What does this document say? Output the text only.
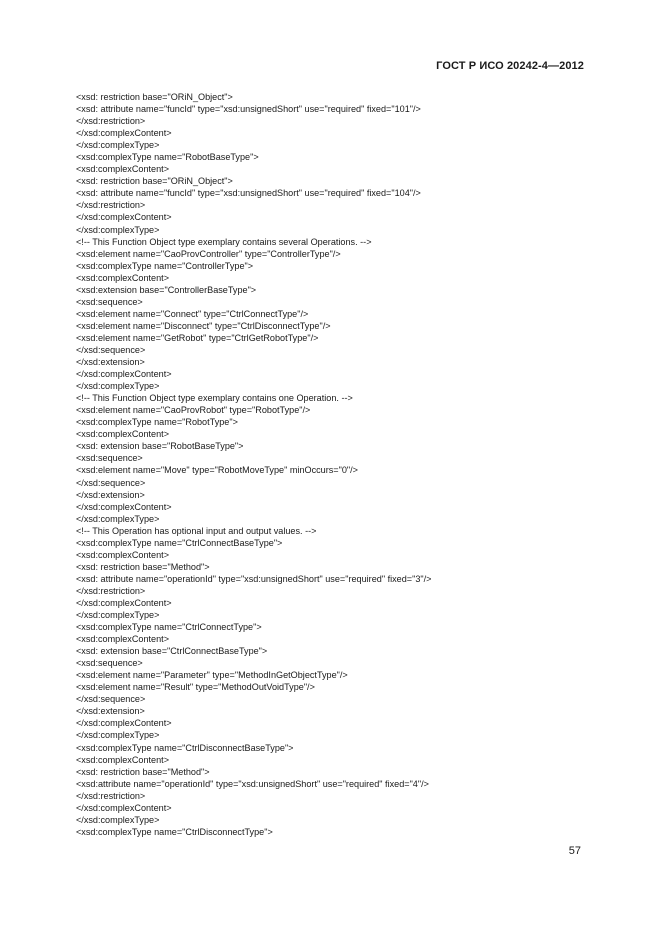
ГОСТ Р ИСО 20242-4—2012
<xsd: restriction base="ORiN_Object">
<xsd: attribute name="funcId" type="xsd:unsignedShort" use="required" fixed="101"/>
</xsd:restriction>
</xsd:complexContent>
</xsd:complexType>
<xsd:complexType name="RobotBaseType">
<xsd:complexContent>
<xsd: restriction base="ORiN_Object">
<xsd: attribute name="funcId" type="xsd:unsignedShort" use="required" fixed="104"/>
</xsd:restriction>
</xsd:complexContent>
</xsd:complexType>
<!-- This Function Object type exemplary contains several Operations. -->
<xsd:element name="CaoProvController" type="ControllerType"/>
<xsd:complexType name="ControllerType">
<xsd:complexContent>
<xsd:extension base="ControllerBaseType">
<xsd:sequence>
<xsd:element name="Connect" type="CtrlConnectType"/>
<xsd:element name="Disconnect" type="CtrlDisconnectType"/>
<xsd:element name="GetRobot" type="CtrlGetRobotType"/>
</xsd:sequence>
</xsd:extension>
</xsd:complexContent>
</xsd:complexType>
<!-- This Function Object type exemplary contains one Operation. -->
<xsd:element name="CaoProvRobot" type="RobotType"/>
<xsd:complexType name="RobotType">
<xsd:complexContent>
<xsd: extension base="RobotBaseType">
<xsd:sequence>
<xsd:element name="Move" type="RobotMoveType" minOccurs="0"/>
</xsd:sequence>
</xsd:extension>
</xsd:complexContent>
</xsd:complexType>
<!-- This Operation has optional input and output values. -->
<xsd:complexType name="CtrlConnectBaseType">
<xsd:complexContent>
<xsd: restriction base="Method">
<xsd: attribute name="operationId" type="xsd:unsignedShort" use="required" fixed="3"/>
</xsd:restriction>
</xsd:complexContent>
</xsd:complexType>
<xsd:complexType name="CtrlConnectType">
<xsd:complexContent>
<xsd: extension base="CtrlConnectBaseType">
<xsd:sequence>
<xsd:element name="Parameter" type="MethodInGetObjectType"/>
<xsd:element name="Result" type="MethodOutVoidType"/>
</xsd:sequence>
</xsd:extension>
</xsd:complexContent>
</xsd:complexType>
<xsd:complexType name="CtrlDisconnectBaseType">
<xsd:complexContent>
<xsd: restriction base="Method">
<xsd:attribute name="operationId" type="xsd:unsignedShort" use="required" fixed="4"/>
</xsd:restriction>
</xsd:complexContent>
</xsd:complexType>
<xsd:complexType name="CtrlDisconnectType">
57
